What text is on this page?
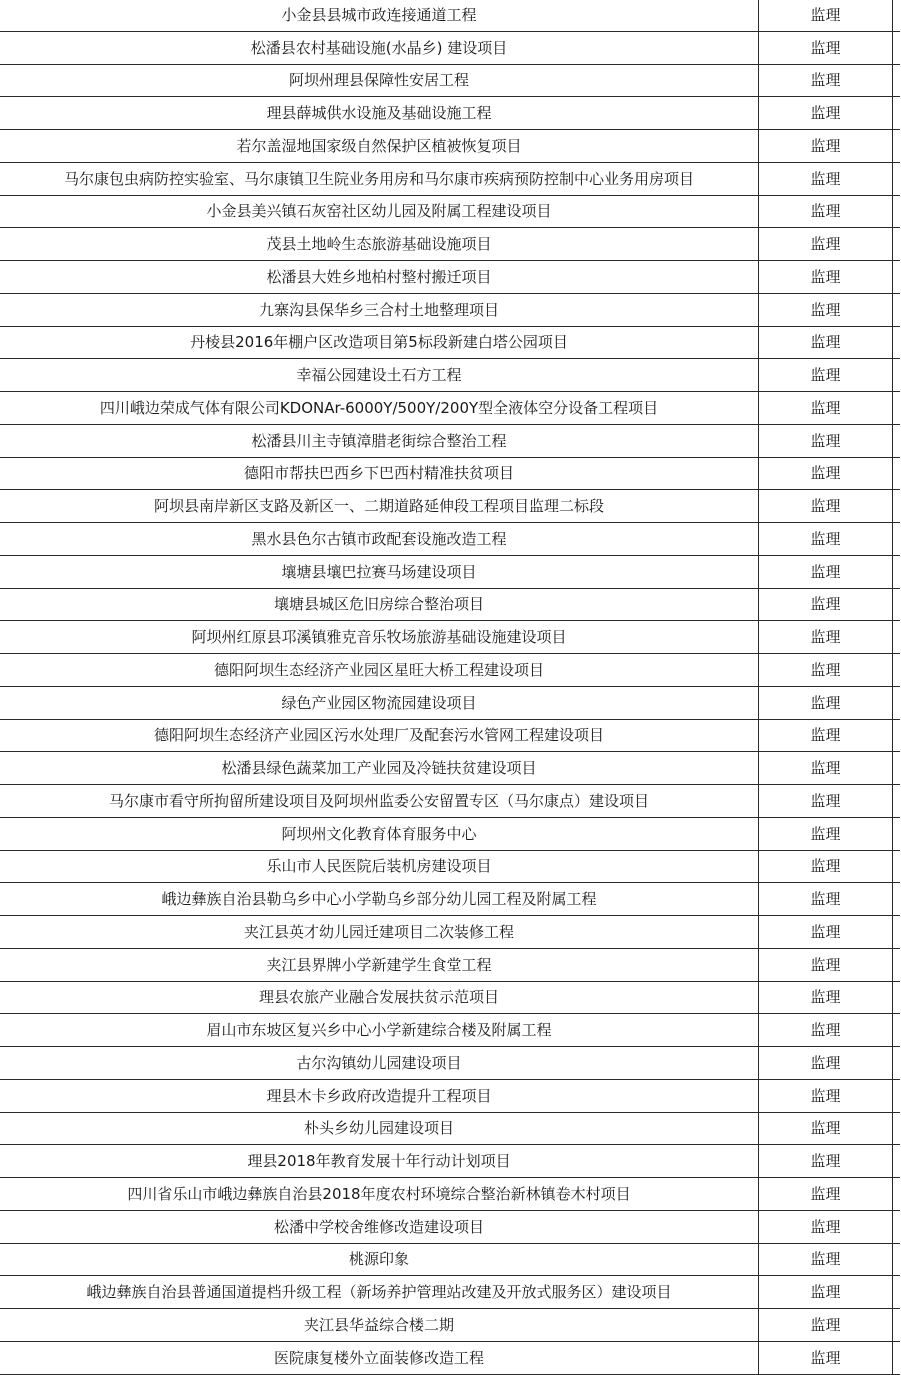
小金县县城市政连接通道工程	监理	
松潘县农村基础设施(水晶乡) 建设项目	监理	
阿坝州理县保障性安居工程	监理	
理县薛城供水设施及基础设施工程	监理	
若尔盖湿地国家级自然保护区植被恢复项目	监理	
马尔康包虫病防控实验室、马尔康镇卫生院业务用房和马尔康市疾病预防控制中心业务用房项目	监理	
小金县美兴镇石灰窑社区幼儿园及附属工程建设项目	监理	
茂县土地岭生态旅游基础设施项目	监理	
松潘县大姓乡地柏村整村搬迁项目	监理	
九寨沟县保华乡三合村土地整理项目	监理	
丹棱县2016年棚户区改造项目第5标段新建白塔公园项目	监理	
幸福公园建设土石方工程	监理	
四川峨边荣成气体有限公司KDONAr-6000Y/500Y/200Y型全液体空分设备工程项目	监理	
松潘县川主寺镇漳腊老街综合整治工程	监理	
德阳市帮扶巴西乡下巴西村精准扶贫项目	监理	
阿坝县南岸新区支路及新区一、二期道路延伸段工程项目监理二标段	监理	
黑水县色尔古镇市政配套设施改造工程	监理	
壤塘县壤巴拉赛马场建设项目	监理	
壤塘县城区危旧房综合整治项目	监理	
阿坝州红原县邛溪镇雅克音乐牧场旅游基础设施建设项目	监理	
德阳阿坝生态经济产业园区星旺大桥工程建设项目	监理	
绿色产业园区物流园建设项目	监理	
德阳阿坝生态经济产业园区污水处理厂及配套污水管网工程建设项目	监理	
松潘县绿色蔬菜加工产业园及冷链扶贫建设项目	监理	
马尔康市看守所拘留所建设项目及阿坝州监委公安留置专区（马尔康点）建设项目	监理	
阿坝州文化教育体育服务中心	监理	
乐山市人民医院后装机房建设项目	监理	
峨边彝族自治县勒乌乡中心小学勒乌乡部分幼儿园工程及附属工程	监理	
夹江县英才幼儿园迁建项目二次装修工程	监理	
夹江县界牌小学新建学生食堂工程	监理	
理县农旅产业融合发展扶贫示范项目	监理	
眉山市东坡区复兴乡中心小学新建综合楼及附属工程	监理	
古尔沟镇幼儿园建设项目	监理	
理县木卡乡政府改造提升工程项目	监理	
朴头乡幼儿园建设项目	监理	
理县2018年教育发展十年行动计划项目	监理	
四川省乐山市峨边彝族自治县2018年度农村环境综合整治新林镇卷木村项目	监理	
松潘中学校舍维修改造建设项目	监理	
桃源印象	监理	
峨边彝族自治县普通国道提档升级工程（新场养护管理站改建及开放式服务区）建设项目	监理	
夹江县华益综合楼二期	监理	
医院康复楼外立面装修改造工程	监理	
